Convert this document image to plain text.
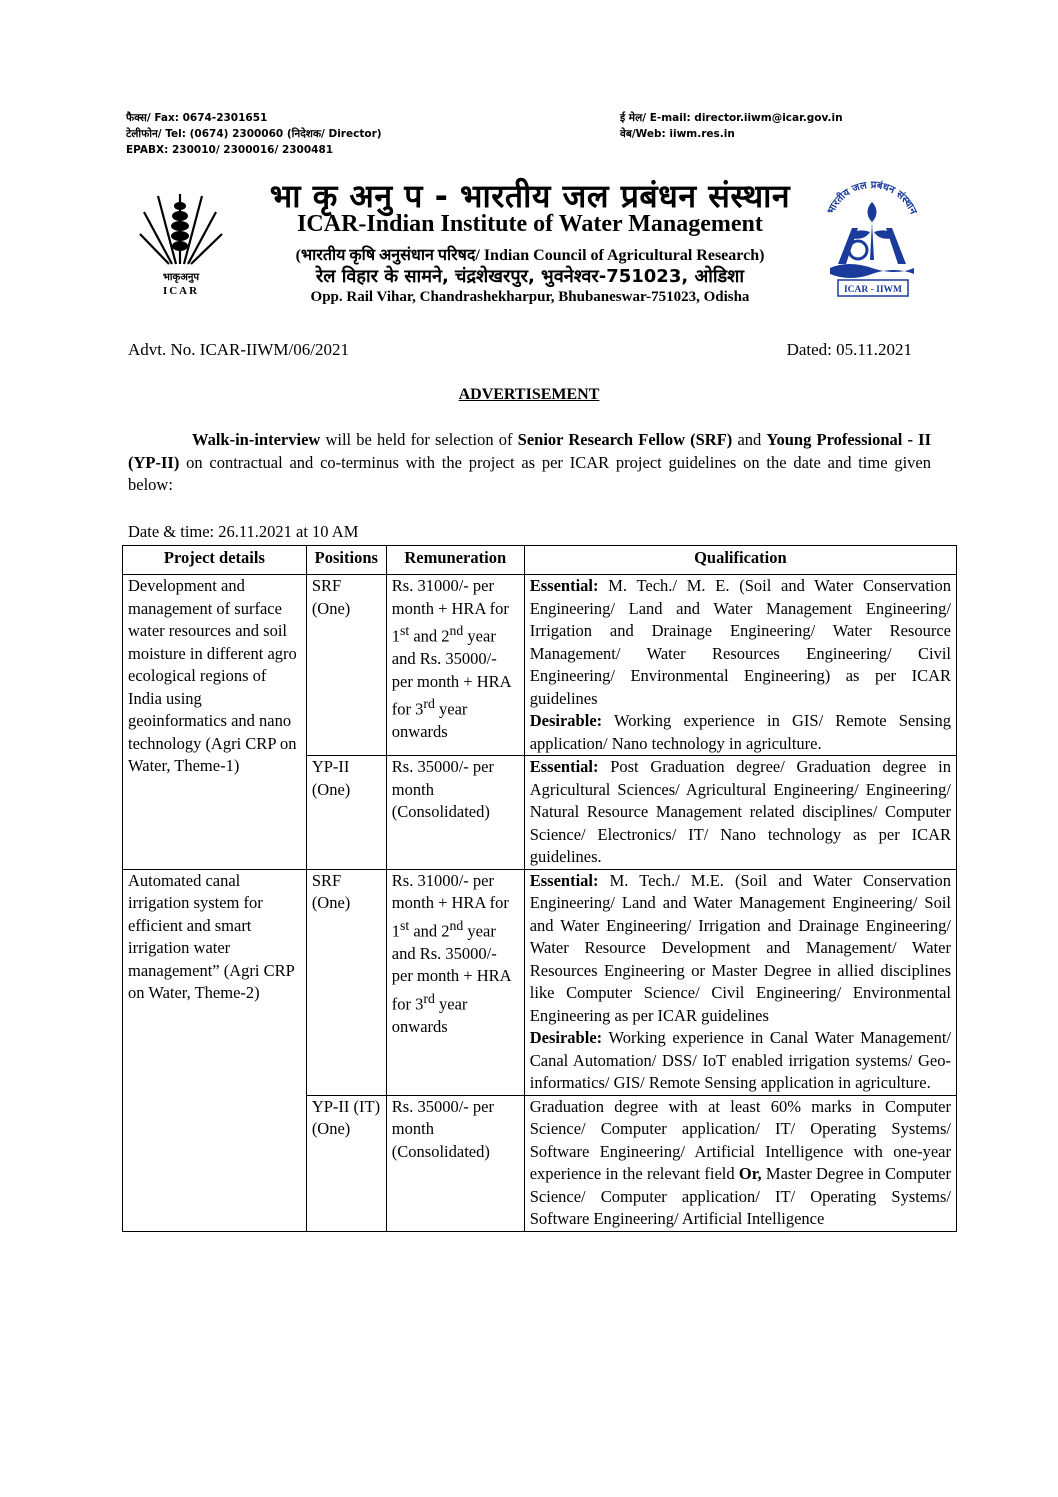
फैक्स/ Fax: 0674-2301651
टेलीफोन/ Tel: (0674) 2300060 (निदेशक/ Director)
EPABX: 230010/ 2300016/ 2300481
ई मेल/ E-mail: director.iiwm@icar.gov.in
वेब/Web: iiwm.res.in
भाकृअनुप
ICAR
भारतीय जल प्रबंधन संस्थान
ICAR - IIWM
भा कृ अनु प - भारतीय जल प्रबंधन संस्थान
ICAR-Indian Institute of Water Management
(भारतीय कृषि अनुसंधान परिषद/ Indian Council of Agricultural Research)
रेल विहार के सामने, चंद्रशेखरपुर, भुवनेश्वर-751023, ओडिशा
Opp. Rail Vihar, Chandrashekharpur, Bhubaneswar-751023, Odisha
Advt. No. ICAR-IIWM/06/2021	Dated: 05.11.2021
ADVERTISEMENT
Walk-in-interview will be held for selection of Senior Research Fellow (SRF) and Young Professional - II (YP-II) on contractual and co-terminus with the project as per ICAR project guidelines on the date and time given below:
Date & time: 26.11.2021 at 10 AM
Project details	Positions	Remuneration	Qualification
Development and management of surface water resources and soil moisture in different agro ecological regions of India using geoinformatics and nano technology (Agri CRP on Water, Theme-1)	SRF (One)	Rs. 31000/- per month + HRA for 1st and 2nd year and Rs. 35000/- per month + HRA for 3rd year onwards	Essential: M. Tech./ M. E. (Soil and Water Conservation Engineering/ Land and Water Management Engineering/ Irrigation and Drainage Engineering/ Water Resource Management/ Water Resources Engineering/ Civil Engineering/ Environmental Engineering) as per ICAR guidelines
Desirable: Working experience in GIS/ Remote Sensing application/ Nano technology in agriculture.
	YP-II (One)	Rs. 35000/- per month (Consolidated)	Essential: Post Graduation degree/ Graduation degree in Agricultural Sciences/ Agricultural Engineering/ Engineering/ Natural Resource Management related disciplines/ Computer Science/ Electronics/ IT/ Nano technology as per ICAR guidelines.
Automated canal irrigation system for efficient and smart irrigation water management” (Agri CRP on Water, Theme-2)	SRF (One)	Rs. 31000/- per month + HRA for 1st and 2nd year and Rs. 35000/- per month + HRA for 3rd year onwards	Essential: M. Tech./ M.E. (Soil and Water Conservation Engineering/ Land and Water Management Engineering/ Soil and Water Engineering/ Irrigation and Drainage Engineering/ Water Resource Development and Management/ Water Resources Engineering or Master Degree in allied disciplines like Computer Science/ Civil Engineering/ Environmental Engineering as per ICAR guidelines
Desirable: Working experience in Canal Water Management/ Canal Automation/ DSS/ IoT enabled irrigation systems/ Geo-informatics/ GIS/ Remote Sensing application in agriculture.
	YP-II (IT) (One)	Rs. 35000/- per month (Consolidated)	Graduation degree with at least 60% marks in Computer Science/ Computer application/ IT/ Operating Systems/ Software Engineering/ Artificial Intelligence with one-year experience in the relevant field Or, Master Degree in Computer Science/ Computer application/ IT/ Operating Systems/ Software Engineering/ Artificial Intelligence
